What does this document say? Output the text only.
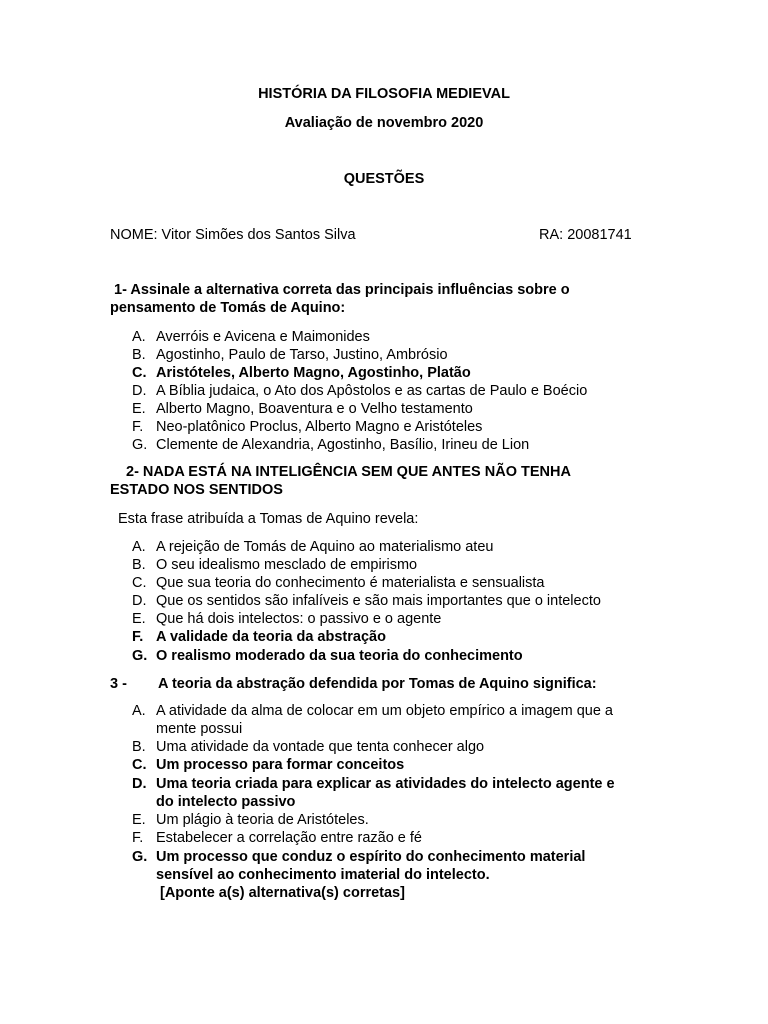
HISTÓRIA DA FILOSOFIA MEDIEVAL
Avaliação de novembro 2020
QUESTÕES
NOME: Vitor Simões dos Santos Silva	RA: 20081741
1- Assinale a alternativa correta das principais influências sobre o
pensamento de Tomás de Aquino:
A. Averróis e Avicena e Maimonides
B. Agostinho, Paulo de Tarso, Justino, Ambrósio
C. Aristóteles, Alberto Magno, Agostinho, Platão
D. A Bíblia judaica, o Ato dos Apôstolos e as cartas de Paulo e Boécio
E. Alberto Magno, Boaventura e o Velho testamento
F. Neo-platônico Proclus, Alberto Magno e Aristóteles
G. Clemente de Alexandria, Agostinho, Basílio, Irineu de Lion
2- NADA ESTÁ NA INTELIGÊNCIA SEM QUE ANTES NÃO TENHA
ESTADO NOS SENTIDOS
Esta frase atribuída a Tomas de Aquino revela:
A. A rejeição de Tomás de Aquino ao materialismo ateu
B. O seu idealismo mesclado de empirismo
C. Que sua teoria do conhecimento é materialista e sensualista
D. Que os sentidos são infalíveis e são mais importantes que o intelecto
E. Que há dois intelectos: o passivo e o agente
F. A validade da teoria da abstração
G. O realismo moderado da sua teoria do conhecimento
3 - A teoria da abstração defendida por Tomas de Aquino significa:
A. A atividade da alma de colocar em um objeto empírico a imagem que a
mente possui
B. Uma atividade da vontade que tenta conhecer algo
C. Um processo para formar conceitos
D. Uma teoria criada para explicar as atividades do intelecto agente e
do intelecto passivo
E. Um plágio à teoria de Aristóteles.
F. Estabelecer a correlação entre razão e fé
G. Um processo que conduz o espírito do conhecimento material
sensível ao conhecimento imaterial do intelecto.
[Aponte a(s) alternativa(s) corretas]
